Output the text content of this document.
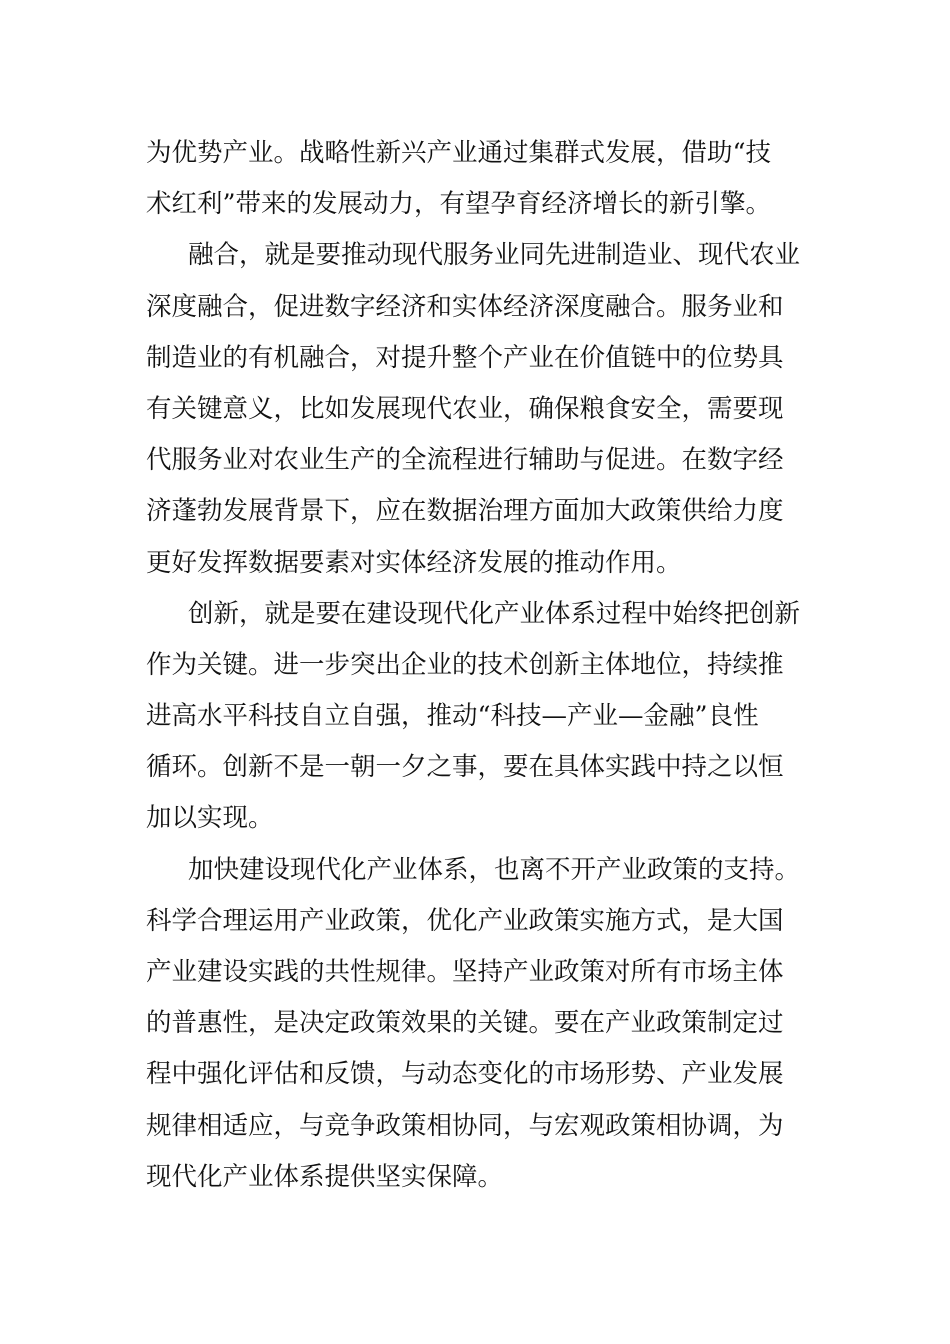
为优势产业。战略性新兴产业通过集群式发展，借助“技
术红利”带来的发展动力，有望孕育经济增长的新引擎。
融合，就是要推动现代服务业同先进制造业、现代农业
深度融合，促进数字经济和实体经济深度融合。服务业和
制造业的有机融合，对提升整个产业在价值链中的位势具
有关键意义，比如发展现代农业，确保粮食安全，需要现
代服务业对农业生产的全流程进行辅助与促进。在数字经
济蓬勃发展背景下，应在数据治理方面加大政策供给力度
更好发挥数据要素对实体经济发展的推动作用。
创新，就是要在建设现代化产业体系过程中始终把创新
作为关键。进一步突出企业的技术创新主体地位，持续推
进高水平科技自立自强，推动“科技—产业—金融”良性
循环。创新不是一朝一夕之事，要在具体实践中持之以恒
加以实现。
加快建设现代化产业体系，也离不开产业政策的支持。
科学合理运用产业政策，优化产业政策实施方式，是大国
产业建设实践的共性规律。坚持产业政策对所有市场主体
的普惠性，是决定政策效果的关键。要在产业政策制定过
程中强化评估和反馈，与动态变化的市场形势、产业发展
规律相适应，与竞争政策相协同，与宏观政策相协调，为
现代化产业体系提供坚实保障。
